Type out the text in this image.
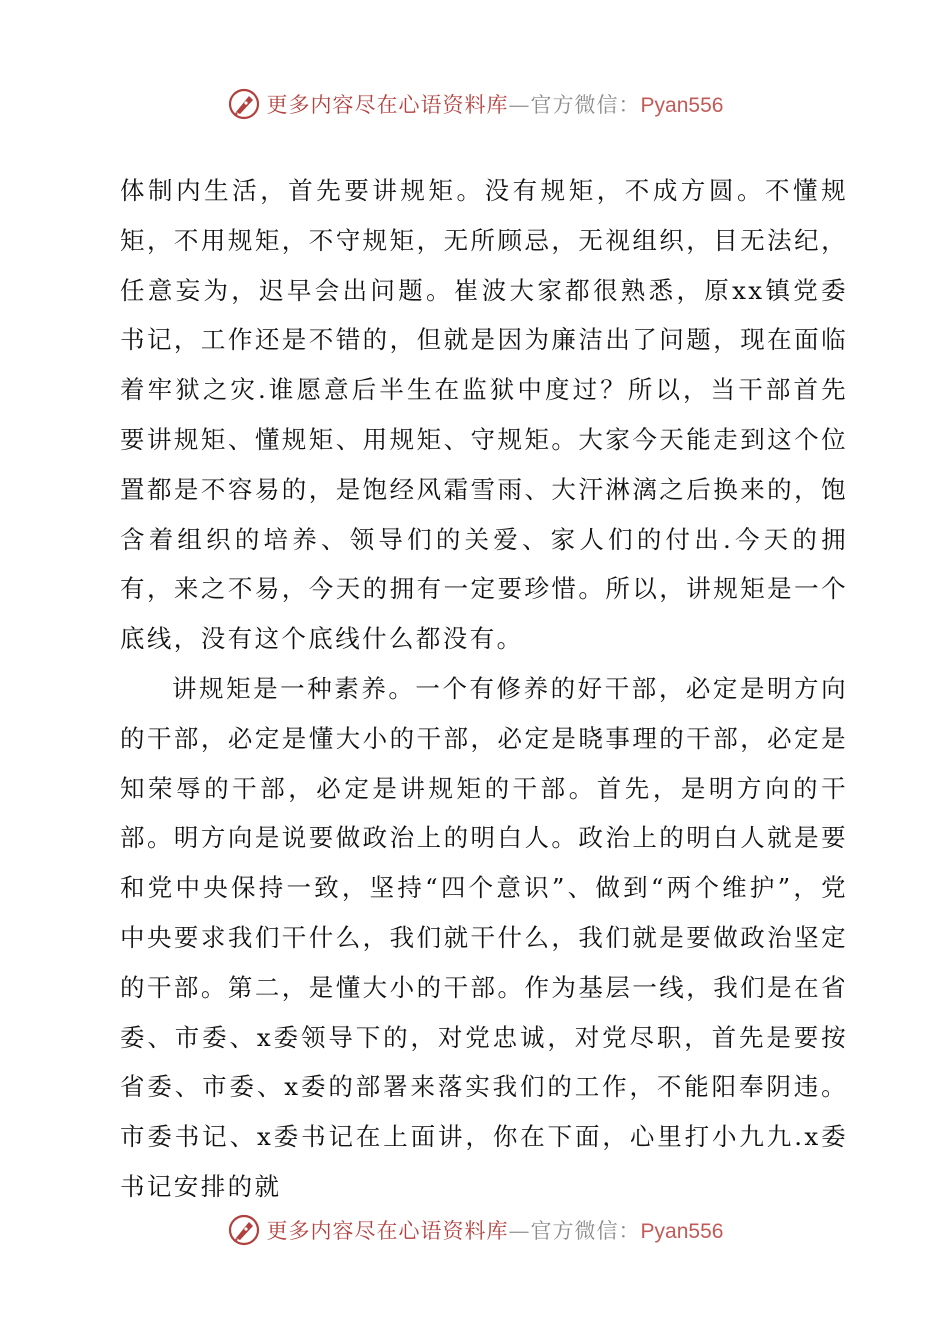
更多内容尽在心语资料库—官方微信：Pyan556

体制内生活，首先要讲规矩。没有规矩，不成方圆。不懂规矩，不用规矩，不守规矩，无所顾忌，无视组织，目无法纪，任意妄为，迟早会出问题。崔波大家都很熟悉，原xx镇党委书记，工作还是不错的，但就是因为廉洁出了问题，现在面临着牢狱之灾.谁愿意后半生在监狱中度过？所以，当干部首先要讲规矩、懂规矩、用规矩、守规矩。大家今天能走到这个位置都是不容易的，是饱经风霜雪雨、大汗淋漓之后换来的，饱含着组织的培养、领导们的关爱、家人们的付出.今天的拥有，来之不易，今天的拥有一定要珍惜。所以，讲规矩是一个底线，没有这个底线什么都没有。

讲规矩是一种素养。一个有修养的好干部，必定是明方向的干部，必定是懂大小的干部，必定是晓事理的干部，必定是知荣辱的干部，必定是讲规矩的干部。首先，是明方向的干部。明方向是说要做政治上的明白人。政治上的明白人就是要和党中央保持一致，坚持“四个意识”、做到“两个维护”，党中央要求我们干什么，我们就干什么，我们就是要做政治坚定的干部。第二，是懂大小的干部。作为基层一线，我们是在省委、市委、x委领导下的，对党忠诚，对党尽职，首先是要按省委、市委、x委的部署来落实我们的工作，不能阳奉阴违。市委书记、x委书记在上面讲，你在下面，心里打小九九.x委书记安排的就

更多内容尽在心语资料库—官方微信：Pyan556
